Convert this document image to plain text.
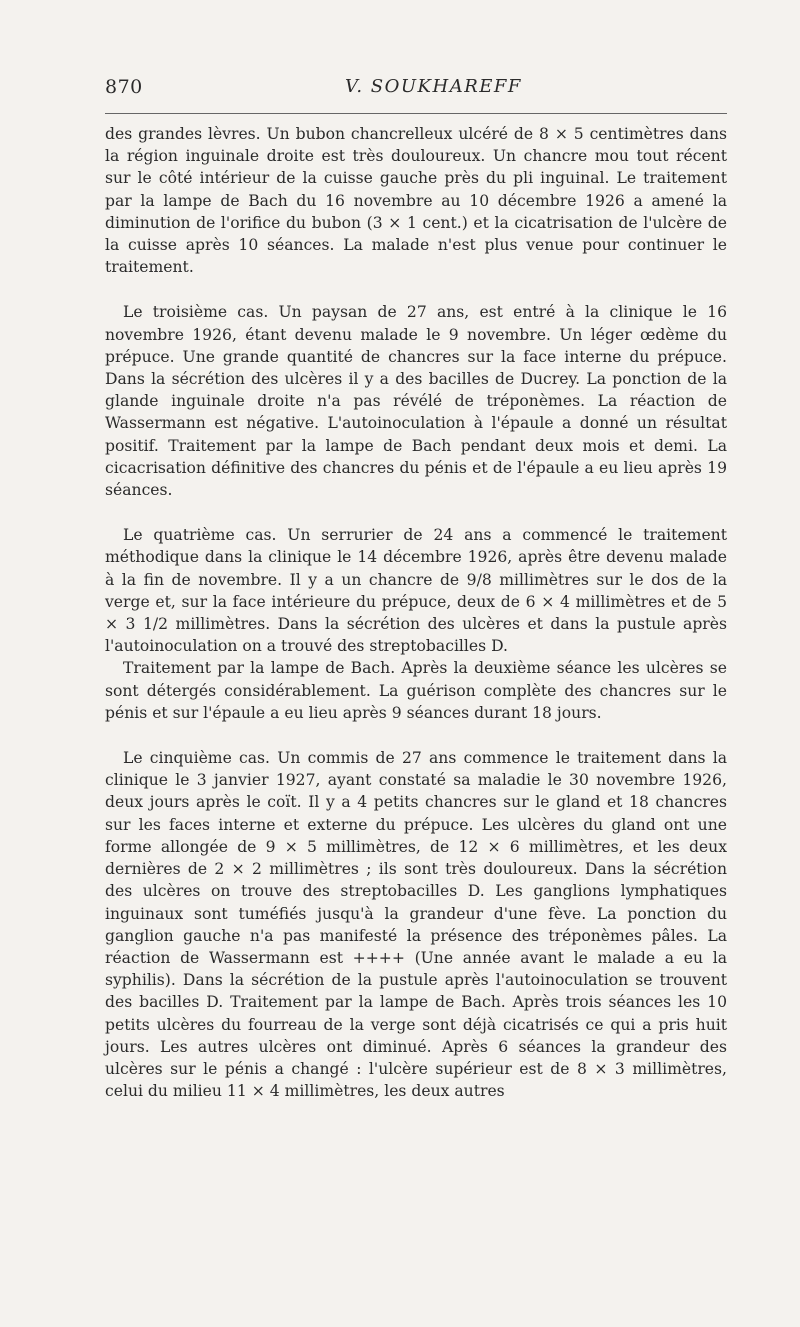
870	V. SOUKHAREFF

des grandes lèvres. Un bubon chancrelleux ulcéré de 8 × 5 centimètres dans la région inguinale droite est très douloureux. Un chancre mou tout récent sur le côté intérieur de la cuisse gauche près du pli inguinal. Le traitement par la lampe de Bach du 16 novembre au 10 décembre 1926 a amené la diminution de l'orifice du bubon (3 × 1 cent.) et la cicatrisation de l'ulcère de la cuisse après 10 séances. La malade n'est plus venue pour continuer le traitement.

Le troisième cas. Un paysan de 27 ans, est entré à la clinique le 16 novembre 1926, étant devenu malade le 9 novembre. Un léger œdème du prépuce. Une grande quantité de chancres sur la face interne du prépuce. Dans la sécrétion des ulcères il y a des bacilles de Ducrey. La ponction de la glande inguinale droite n'a pas révélé de tréponèmes. La réaction de Wassermann est négative. L'autoinoculation à l'épaule a donné un résultat positif. Traitement par la lampe de Bach pendant deux mois et demi. La cicacrisation définitive des chancres du pénis et de l'épaule a eu lieu après 19 séances.

Le quatrième cas. Un serrurier de 24 ans a commencé le traitement méthodique dans la clinique le 14 décembre 1926, après être devenu malade à la fin de novembre. Il y a un chancre de 9/8 millimètres sur le dos de la verge et, sur la face intérieure du prépuce, deux de 6 × 4 millimètres et de 5 × 3 1/2 millimètres. Dans la sécrétion des ulcères et dans la pustule après l'autoinoculation on a trouvé des streptobacilles D.

Traitement par la lampe de Bach. Après la deuxième séance les ulcères se sont détergés considérablement. La guérison complète des chancres sur le pénis et sur l'épaule a eu lieu après 9 séances durant 18 jours.

Le cinquième cas. Un commis de 27 ans commence le traitement dans la clinique le 3 janvier 1927, ayant constaté sa maladie le 30 novembre 1926, deux jours après le coït. Il y a 4 petits chancres sur le gland et 18 chancres sur les faces interne et externe du prépuce. Les ulcères du gland ont une forme allongée de 9 × 5 millimètres, de 12 × 6 millimètres, et les deux dernières de 2 × 2 millimètres ; ils sont très douloureux. Dans la sécrétion des ulcères on trouve des streptobacilles D. Les ganglions lymphatiques inguinaux sont tuméfiés jusqu'à la grandeur d'une fève. La ponction du ganglion gauche n'a pas manifesté la présence des tréponèmes pâles. La réaction de Wassermann est ++++ (Une année avant le malade a eu la syphilis). Dans la sécrétion de la pustule après l'autoinoculation se trouvent des bacilles D. Traitement par la lampe de Bach. Après trois séances les 10 petits ulcères du fourreau de la verge sont déjà cicatrisés ce qui a pris huit jours. Les autres ulcères ont diminué. Après 6 séances la grandeur des ulcères sur le pénis a changé : l'ulcère supérieur est de 8 × 3 millimètres, celui du milieu 11 × 4 millimètres, les deux autres
